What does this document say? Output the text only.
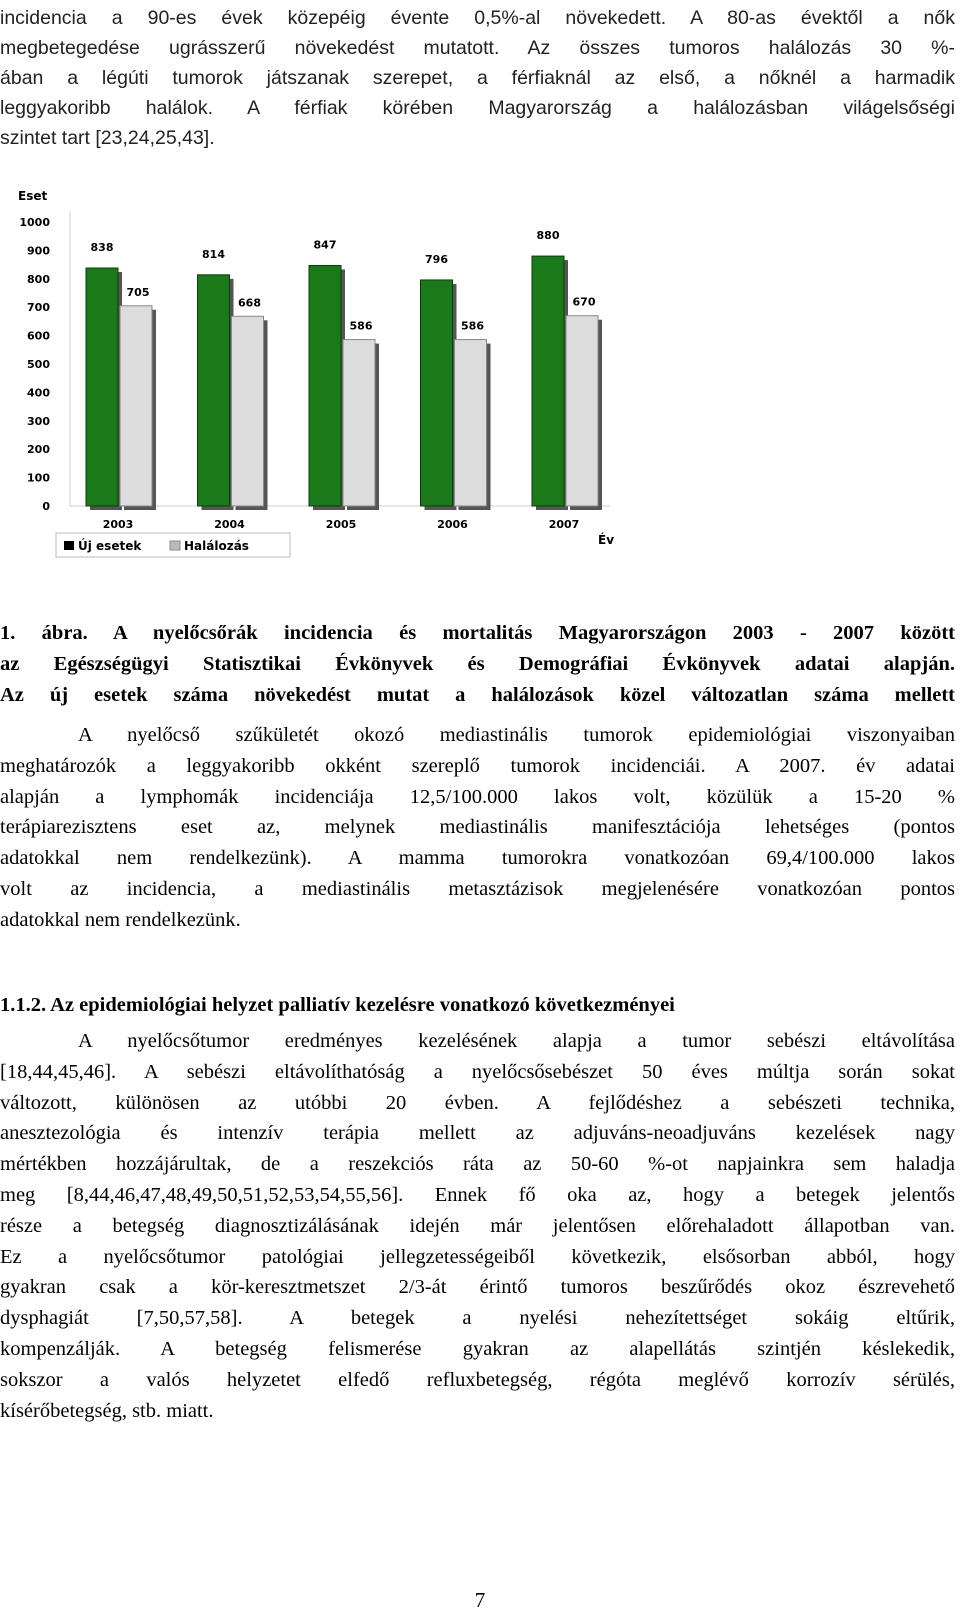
incidencia a 90-es évek közepéig évente 0,5%-al növekedett. A 80-as évektől a nők
megbetegedése ugrásszerű növekedést mutatott. Az összes tumoros halálozás 30 %-
ában a légúti tumorok játszanak szerepet, a férfiaknál az első, a nőknél a harmadik
leggyakoribb halálok. A férfiak körében Magyarország a halálozásban világelsőségi
szintet tart [23,24,25,43].
Eset
0
100
200
300
400
500
600
700
800
900
1000
838
705
2003
814
668
2004
847
586
2005
796
586
2006
880
670
2007
Év
Új esetek	Halálozás
1. ábra. A nyelőcsőrák incidencia és mortalitás Magyarországon 2003 - 2007 között
az Egészségügyi Statisztikai Évkönyvek és Demográfiai Évkönyvek adatai alapján.
Az új esetek száma növekedést mutat a halálozások közel változatlan száma mellett
A nyelőcső szűkületét okozó mediastinális tumorok epidemiológiai viszonyaiban
meghatározók a leggyakoribb okként szereplő tumorok incidenciái. A 2007. év adatai
alapján a lymphomák incidenciája 12,5/100.000 lakos volt, közülük a 15-20 %
terápiarezisztens eset az, melynek mediastinális manifesztációja lehetséges (pontos
adatokkal nem rendelkezünk). A mamma tumorokra vonatkozóan 69,4/100.000 lakos
volt az incidencia, a mediastinális metasztázisok megjelenésére vonatkozóan pontos
adatokkal nem rendelkezünk.
1.1.2. Az epidemiológiai helyzet palliatív kezelésre vonatkozó következményei
A nyelőcsőtumor eredményes kezelésének alapja a tumor sebészi eltávolítása
[18,44,45,46]. A sebészi eltávolíthatóság a nyelőcsősebészet 50 éves múltja során sokat
változott, különösen az utóbbi 20 évben. A fejlődéshez a sebészeti technika,
anesztezológia és intenzív terápia mellett az adjuváns-neoadjuváns kezelések nagy
mértékben hozzájárultak, de a reszekciós ráta az 50-60 %-ot napjainkra sem haladja
meg [8,44,46,47,48,49,50,51,52,53,54,55,56]. Ennek fő oka az, hogy a betegek jelentős
része a betegség diagnosztizálásának idején már jelentősen előrehaladott állapotban van.
Ez a nyelőcsőtumor patológiai jellegzetességeiből következik, elsősorban abból, hogy
gyakran csak a kör-keresztmetszet 2/3-át érintő tumoros beszűrődés okoz észrevehető
dysphagiát [7,50,57,58]. A betegek a nyelési nehezítettséget sokáig eltűrik,
kompenzálják. A betegség felismerése gyakran az alapellátás szintjén késlekedik,
sokszor a valós helyzetet elfedő refluxbetegség, régóta meglévő korrozív sérülés,
kísérőbetegség, stb. miatt.
7
